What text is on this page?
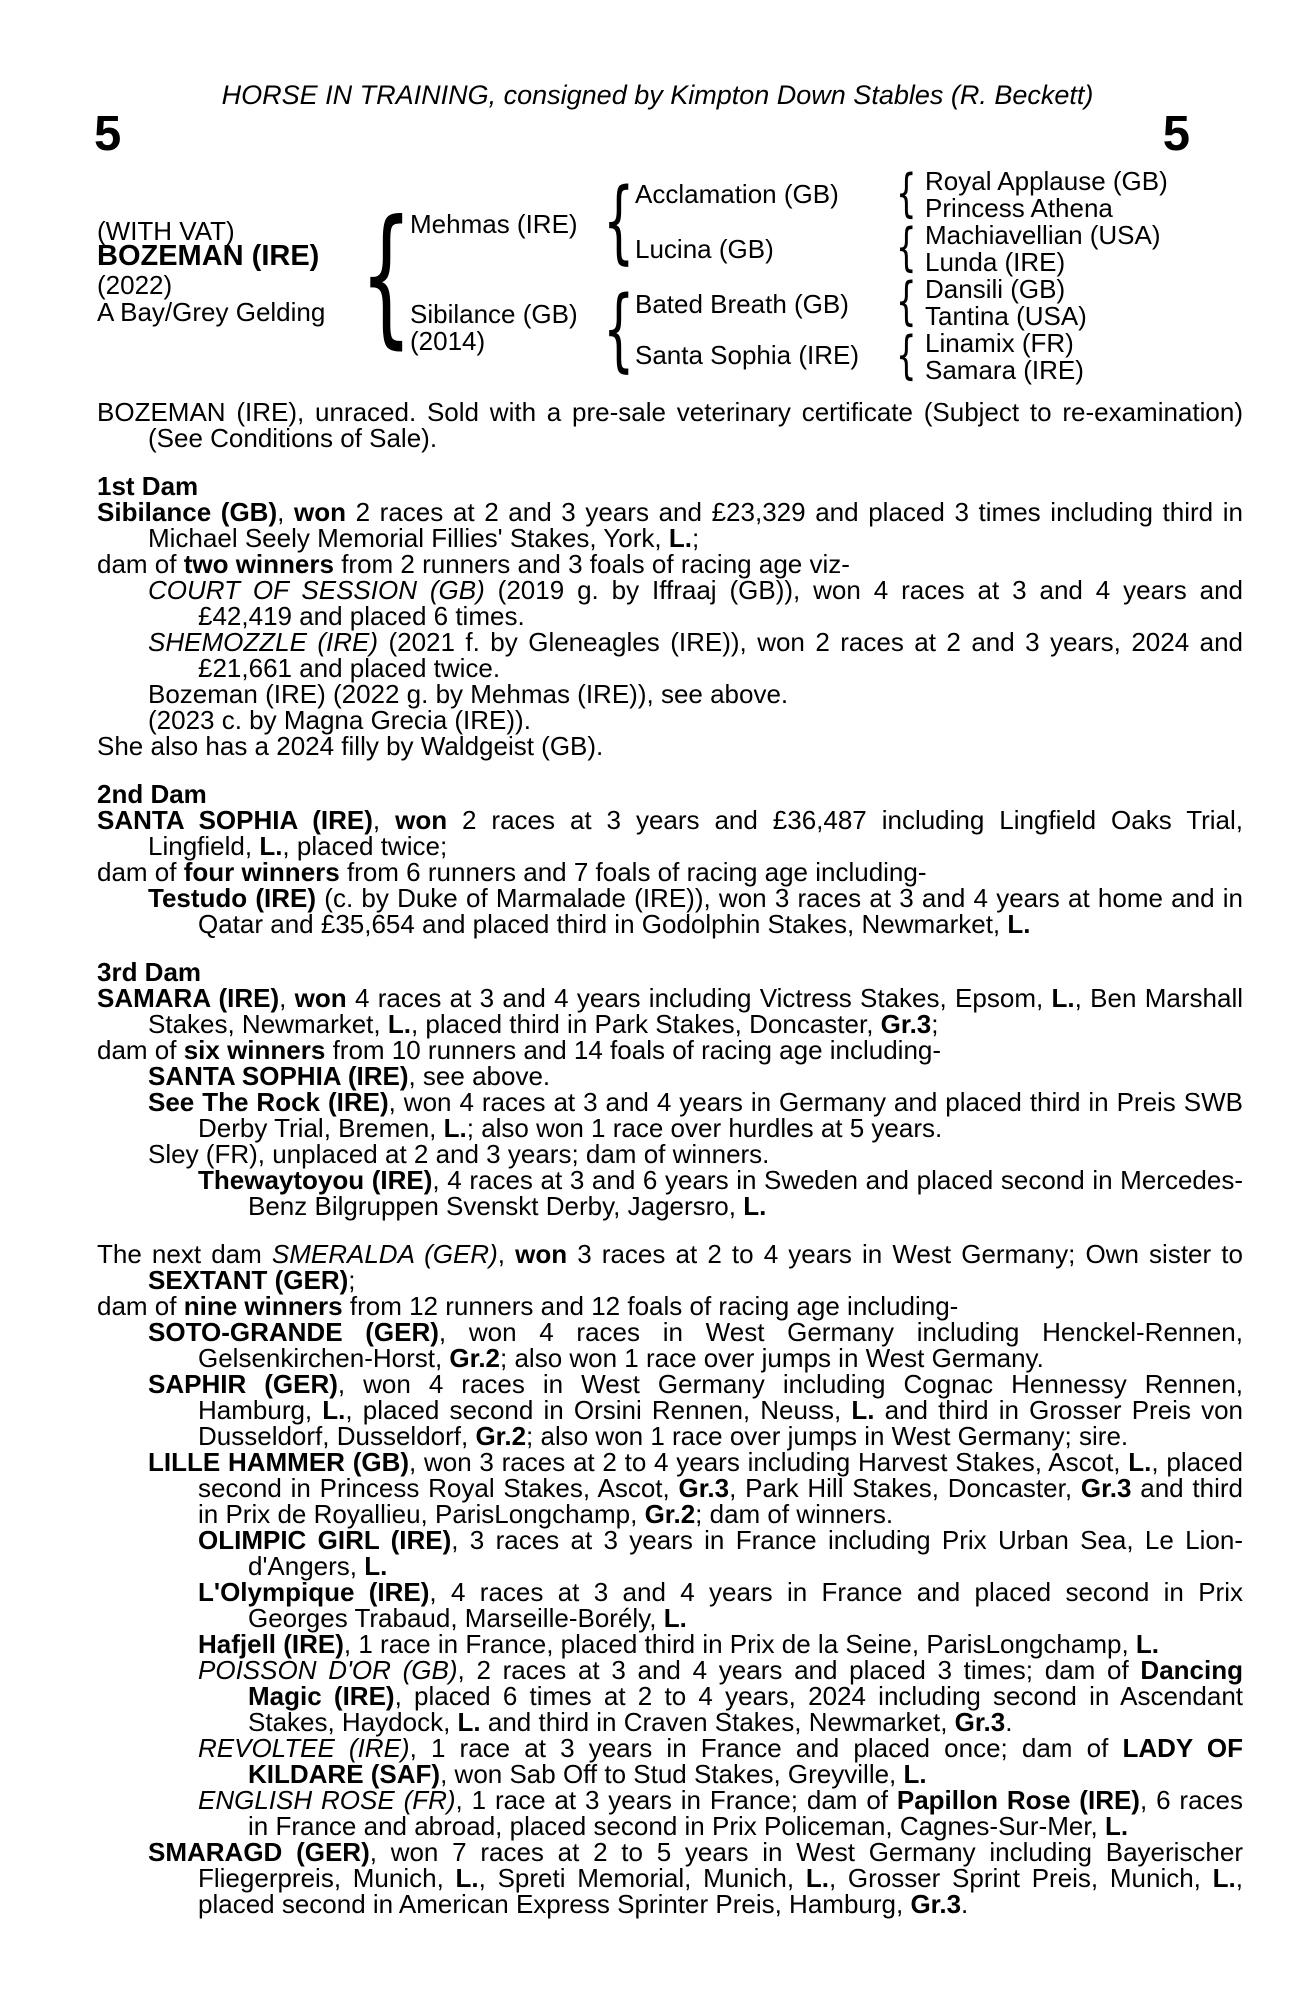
HORSE IN TRAINING, consigned by Kimpton Down Stables (R. Beckett)
5	5
(WITH VAT)
BOZEMAN (IRE)
(2022)
A Bay/Grey Gelding {
Mehmas (IRE)
Sibilance (GB)
(2014)
{
{
Acclamation (GB)
Lucina (GB)
Bated Breath (GB)
Santa Sophia (IRE)
{
{
{
{
Royal Applause (GB)
Princess Athena
Machiavellian (USA)
Lunda (IRE)
Dansili (GB)
Tantina (USA)
Linamix (FR)
Samara (IRE)
BOZEMAN (IRE), unraced. Sold with a pre-sale veterinary certificate (Subject to re-examination) (See Conditions of Sale).
1st Dam
Sibilance (GB), won 2 races at 2 and 3 years and £23,329 and placed 3 times including third in Michael Seely Memorial Fillies' Stakes, York, L.;
dam of two winners from 2 runners and 3 foals of racing age viz-
COURT OF SESSION (GB) (2019 g. by Iffraaj (GB)), won 4 races at 3 and 4 years and £42,419 and placed 6 times.
SHEMOZZLE (IRE) (2021 f. by Gleneagles (IRE)), won 2 races at 2 and 3 years, 2024 and £21,661 and placed twice.
Bozeman (IRE) (2022 g. by Mehmas (IRE)), see above.
(2023 c. by Magna Grecia (IRE)).
She also has a 2024 filly by Waldgeist (GB).
2nd Dam
SANTA SOPHIA (IRE), won 2 races at 3 years and £36,487 including Lingfield Oaks Trial, Lingfield, L., placed twice;
dam of four winners from 6 runners and 7 foals of racing age including-
Testudo (IRE) (c. by Duke of Marmalade (IRE)), won 3 races at 3 and 4 years at home and in Qatar and £35,654 and placed third in Godolphin Stakes, Newmarket, L.
3rd Dam
SAMARA (IRE), won 4 races at 3 and 4 years including Victress Stakes, Epsom, L., Ben Marshall Stakes, Newmarket, L., placed third in Park Stakes, Doncaster, Gr.3;
dam of six winners from 10 runners and 14 foals of racing age including-
SANTA SOPHIA (IRE), see above.
See The Rock (IRE), won 4 races at 3 and 4 years in Germany and placed third in Preis SWB Derby Trial, Bremen, L.; also won 1 race over hurdles at 5 years.
Sley (FR), unplaced at 2 and 3 years; dam of winners.
Thewaytoyou (IRE), 4 races at 3 and 6 years in Sweden and placed second in Mercedes-Benz Bilgruppen Svenskt Derby, Jagersro, L.
The next dam SMERALDA (GER), won 3 races at 2 to 4 years in West Germany; Own sister to SEXTANT (GER);
dam of nine winners from 12 runners and 12 foals of racing age including-
SOTO-GRANDE (GER), won 4 races in West Germany including Henckel-Rennen, Gelsenkirchen-Horst, Gr.2; also won 1 race over jumps in West Germany.
SAPHIR (GER), won 4 races in West Germany including Cognac Hennessy Rennen, Hamburg, L., placed second in Orsini Rennen, Neuss, L. and third in Grosser Preis von Dusseldorf, Dusseldorf, Gr.2; also won 1 race over jumps in West Germany; sire.
LILLE HAMMER (GB), won 3 races at 2 to 4 years including Harvest Stakes, Ascot, L., placed second in Princess Royal Stakes, Ascot, Gr.3, Park Hill Stakes, Doncaster, Gr.3 and third in Prix de Royallieu, ParisLongchamp, Gr.2; dam of winners.
OLIMPIC GIRL (IRE), 3 races at 3 years in France including Prix Urban Sea, Le Lion-d'Angers, L.
L'Olympique (IRE), 4 races at 3 and 4 years in France and placed second in Prix Georges Trabaud, Marseille-Borély, L.
Hafjell (IRE), 1 race in France, placed third in Prix de la Seine, ParisLongchamp, L.
POISSON D'OR (GB), 2 races at 3 and 4 years and placed 3 times; dam of Dancing Magic (IRE), placed 6 times at 2 to 4 years, 2024 including second in Ascendant Stakes, Haydock, L. and third in Craven Stakes, Newmarket, Gr.3.
REVOLTEE (IRE), 1 race at 3 years in France and placed once; dam of LADY OF KILDARE (SAF), won Sab Off to Stud Stakes, Greyville, L.
ENGLISH ROSE (FR), 1 race at 3 years in France; dam of Papillon Rose (IRE), 6 races in France and abroad, placed second in Prix Policeman, Cagnes-Sur-Mer, L.
SMARAGD (GER), won 7 races at 2 to 5 years in West Germany including Bayerischer Fliegerpreis, Munich, L., Spreti Memorial, Munich, L., Grosser Sprint Preis, Munich, L., placed second in American Express Sprinter Preis, Hamburg, Gr.3.
